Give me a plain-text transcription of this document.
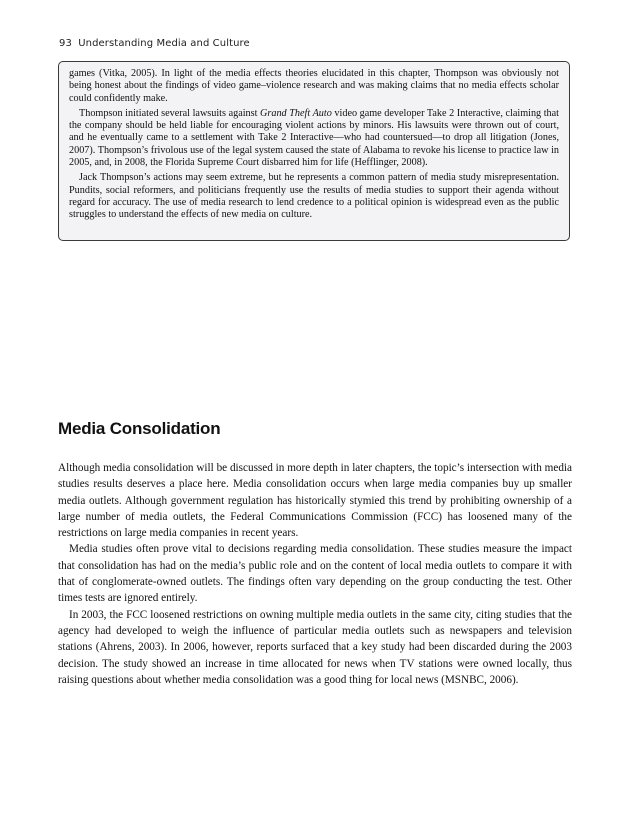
93 Understanding Media and Culture

games (Vitka, 2005). In light of the media effects theories elucidated in this chapter, Thompson was obviously not being honest about the findings of video game–violence research and was making claims that no media effects scholar could confidently make.

Thompson initiated several lawsuits against Grand Theft Auto video game developer Take 2 Interactive, claiming that the company should be held liable for encouraging violent actions by minors. His lawsuits were thrown out of court, and he eventually came to a settlement with Take 2 Interactive—who had countersued—to drop all litigation (Jones, 2007). Thompson’s frivolous use of the legal system caused the state of Alabama to revoke his license to practice law in 2005, and, in 2008, the Florida Supreme Court disbarred him for life (Hefflinger, 2008).

Jack Thompson’s actions may seem extreme, but he represents a common pattern of media study misrepresentation. Pundits, social reformers, and politicians frequently use the results of media studies to support their agenda without regard for accuracy. The use of media research to lend credence to a political opinion is widespread even as the public struggles to understand the effects of new media on culture.

Media Consolidation

Although media consolidation will be discussed in more depth in later chapters, the topic’s intersection with media studies results deserves a place here. Media consolidation occurs when large media companies buy up smaller media outlets. Although government regulation has historically stymied this trend by prohibiting ownership of a large number of media outlets, the Federal Communications Commission (FCC) has loosened many of the restrictions on large media companies in recent years.

Media studies often prove vital to decisions regarding media consolidation. These studies measure the impact that consolidation has had on the media’s public role and on the content of local media outlets to compare it with that of conglomerate-owned outlets. The findings often vary depending on the group conducting the test. Other times tests are ignored entirely.

In 2003, the FCC loosened restrictions on owning multiple media outlets in the same city, citing studies that the agency had developed to weigh the influence of particular media outlets such as newspapers and television stations (Ahrens, 2003). In 2006, however, reports surfaced that a key study had been discarded during the 2003 decision. The study showed an increase in time allocated for news when TV stations were owned locally, thus raising questions about whether media consolidation was a good thing for local news (MSNBC, 2006).
